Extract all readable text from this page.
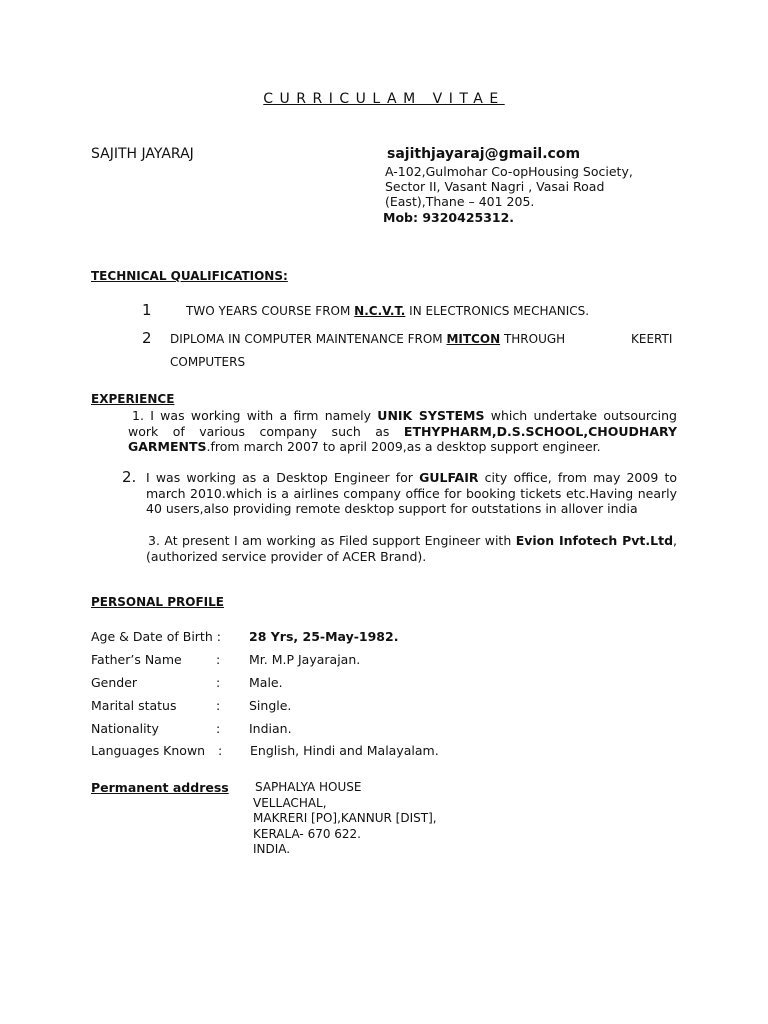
CURRICULAM VITAE
SAJITH JAYARAJ	sajithjayaraj@gmail.com
A-102,Gulmohar Co-opHousing Society,
Sector II, Vasant Nagri , Vasai Road
(East),Thane – 401 205.
Mob: 9320425312.
TECHNICAL QUALIFICATIONS:
1	TWO YEARS COURSE FROM N.C.V.T. IN ELECTRONICS MECHANICS.
2 DIPLOMA IN COMPUTER MAINTENANCE FROM MITCON THROUGH	KEERTI
COMPUTERS
EXPERIENCE
1. I was working with a firm namely UNIK SYSTEMS which undertake outsourcing work of various company such as ETHYPHARM,D.S.SCHOOL,CHOUDHARY GARMENTS.from march 2007 to april 2009,as a desktop support engineer.
2. I was working as a Desktop Engineer for GULFAIR city office, from may 2009 to march 2010.which is a airlines company office for booking tickets etc.Having nearly 40 users,also providing remote desktop support for outstations in allover india
3. At present I am working as Filed support Engineer with Evion Infotech Pvt.Ltd,(authorized service provider of ACER Brand).
PERSONAL PROFILE
Age & Date of Birth : 28 Yrs, 25-May-1982.
Father’s Name	: Mr. M.P Jayarajan.
Gender	: Male.
Marital status	: Single.
Nationality	: Indian.
Languages Known : English, Hindi and Malayalam.
Permanent address SAPHALYA HOUSE
VELLACHAL,
MAKRERI [PO],KANNUR [DIST],
KERALA- 670 622.
INDIA.
